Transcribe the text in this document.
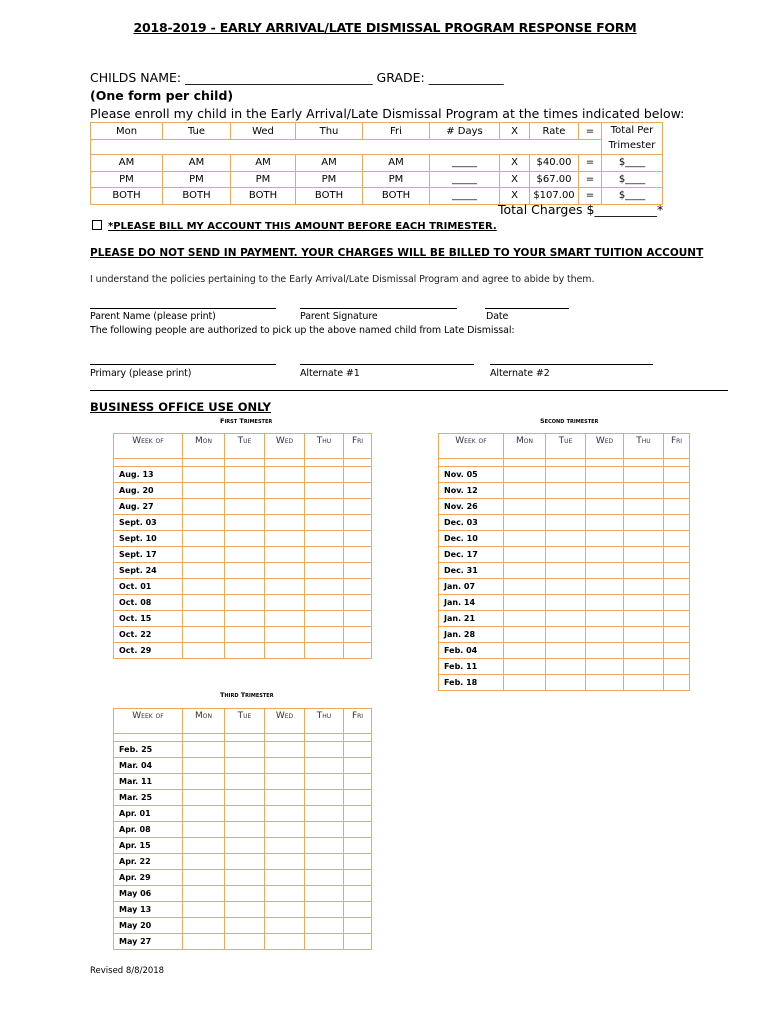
2018-2019 - EARLY ARRIVAL/LATE DISMISSAL PROGRAM RESPONSE FORM
CHILDS NAME: ______________________________ GRADE: ____________
(One form per child)
Please enroll my child in the Early Arrival/Late Dismissal Program at the times indicated below:
Mon	Tue	Wed	Thu	Fri	# Days	X	Rate	=	Total Per Trimester

AM	AM	AM	AM	AM	_____	X	$40.00	=	$____
PM	PM	PM	PM	PM	_____	X	$67.00	=	$____
BOTH	BOTH	BOTH	BOTH	BOTH	_____	X	$107.00	=	$____
Total Charges $__________*
*PLEASE BILL MY ACCOUNT THIS AMOUNT BEFORE EACH TRIMESTER.
PLEASE DO NOT SEND IN PAYMENT. YOUR CHARGES WILL BE BILLED TO YOUR SMART TUITION ACCOUNT
I understand the policies pertaining to the Early Arrival/Late Dismissal Program and agree to abide by them.
Parent Name (please print)	Parent Signature	Date
The following people are authorized to pick up the above named child from Late Dismissal:
Primary (please print)	Alternate #1	Alternate #2
BUSINESS OFFICE USE ONLY
First Trimester	Second trimester
Third Trimester
Week of	Mon	Tue	Wed	Thu	Fri

Aug. 13					
Aug. 20					
Aug. 27					
Sept. 03					
Sept. 10					
Sept. 17					
Sept. 24					
Oct. 01					
Oct. 08					
Oct. 15					
Oct. 22					
Oct. 29					
Week of	Mon	Tue	Wed	Thu	Fri

Nov. 05					
Nov. 12					
Nov. 26					
Dec. 03					
Dec. 10					
Dec. 17					
Dec. 31					
Jan. 07					
Jan. 14					
Jan. 21					
Jan. 28					
Feb. 04					
Feb. 11					
Feb. 18					
Week of	Mon	Tue	Wed	Thu	Fri

Feb. 25					
Mar. 04					
Mar. 11					
Mar. 25					
Apr. 01					
Apr. 08					
Apr. 15					
Apr. 22					
Apr. 29					
May 06					
May 13					
May 20					
May 27					
Revised 8/8/2018
